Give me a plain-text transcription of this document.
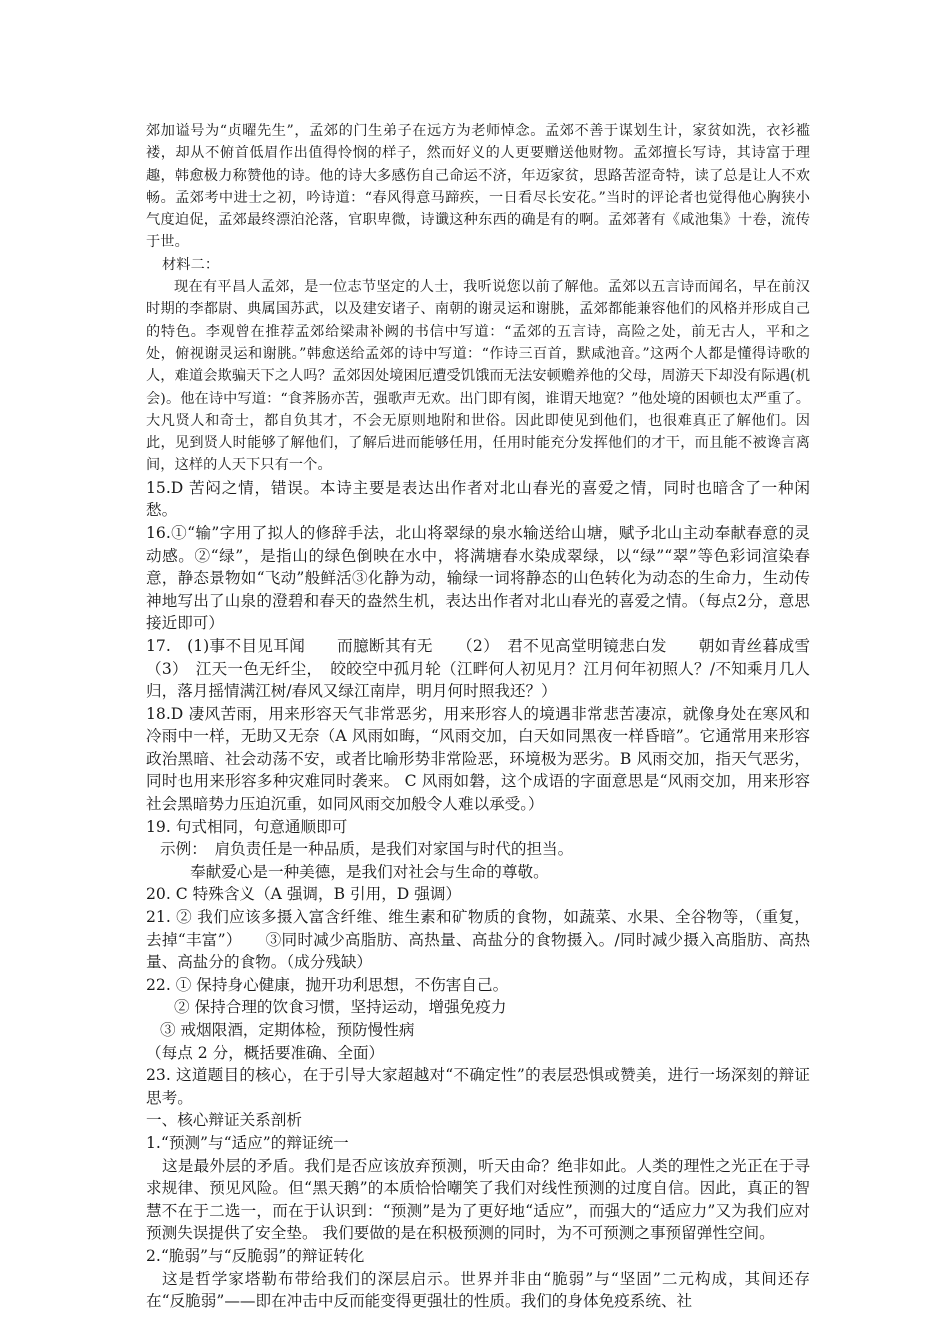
郊加谥号为“贞曜先生”，孟郊的门生弟子在远方为老师悼念。孟郊不善于谋划生计，家贫如洗，衣衫褴褛，却从不俯首低眉作出值得怜悯的样子，然而好义的人更要赠送他财物。孟郊擅长写诗，其诗富于理趣，韩愈极力称赞他的诗。他的诗大多感伤自己命运不济，年迈家贫，思路苦涩奇特，读了总是让人不欢畅。孟郊考中进士之初，吟诗道：“春风得意马蹄疾，一日看尽长安花。”当时的评论者也觉得他心胸狭小气度迫促，孟郊最终漂泊沦落，官职卑微，诗谶这种东西的确是有的啊。孟郊著有《咸池集》十卷，流传于世。

材料二：

现在有平昌人孟郊，是一位志节坚定的人士，我听说您以前了解他。孟郊以五言诗而闻名，早在前汉时期的李都尉、典属国苏武，以及建安诸子、南朝的谢灵运和谢朓，孟郊都能兼容他们的风格并形成自己的特色。李观曾在推荐孟郊给梁肃补阙的书信中写道：“孟郊的五言诗，高险之处，前无古人，平和之处，俯视谢灵运和谢朓。”韩愈送给孟郊的诗中写道：“作诗三百首，默咸池音。”这两个人都是懂得诗歌的人，难道会欺骗天下之人吗？孟郊因处境困厄遭受饥饿而无法安顿赡养他的父母，周游天下却没有际遇(机会)。他在诗中写道：“食荠肠亦苦，强歌声无欢。出门即有阂，谁谓天地宽？”他处境的困顿也太严重了。大凡贤人和奇士，都自负其才，不会无原则地附和世俗。因此即使见到他们，也很难真正了解他们。因此，见到贤人时能够了解他们，了解后进而能够任用，任用时能充分发挥他们的才干，而且能不被谗言离间，这样的人天下只有一个。

15.D 苦闷之情，错误。本诗主要是表达出作者对北山春光的喜爱之情，同时也暗含了一种闲愁。

16.①“输”字用了拟人的修辞手法，北山将翠绿的泉水输送给山塘，赋予北山主动奉献春意的灵动感。②“绿”，是指山的绿色倒映在水中，将满塘春水染成翠绿，以“绿”“翠”等色彩词渲染春意，静态景物如“飞动”般鲜活③化静为动，输绿一词将静态的山色转化为动态的生命力，生动传神地写出了山泉的澄碧和春天的盎然生机，表达出作者对北山春光的喜爱之情。（每点2分，意思接近即可）

17.　(1)事不目见耳闻　　而臆断其有无　　（2）　君不见高堂明镜悲白发　　朝如青丝暮成雪　　　（3）　江天一色无纤尘，　皎皎空中孤月轮（江畔何人初见月？江月何年初照人？/不知乘月几人归，落月摇情满江树/春风又绿江南岸，明月何时照我还？）

18.D 凄风苦雨，用来形容天气非常恶劣，用来形容人的境遇非常悲苦凄凉，就像身处在寒风和冷雨中一样，无助又无奈（A 风雨如晦，“风雨交加，白天如同黑夜一样昏暗”。它通常用来形容政治黑暗、社会动荡不安，或者比喻形势非常险恶，环境极为恶劣。B 风雨交加，指天气恶劣，同时也用来形容多种灾难同时袭来。 C 风雨如磐，这个成语的字面意思是“风雨交加，用来形容社会黑暗势力压迫沉重，如同风雨交加般令人难以承受。）

19. 句式相同，句意通顺即可

示例：　肩负责任是一种品质，是我们对家国与时代的担当。

奉献爱心是一种美德，是我们对社会与生命的尊敬。

20. C 特殊含义（A 强调，B 引用，D 强调）

21. ② 我们应该多摄入富含纤维、维生素和矿物质的食物，如蔬菜、水果、全谷物等，（重复，去掉“丰富”）　　③同时减少高脂肪、高热量、高盐分的食物摄入。/同时减少摄入高脂肪、高热量、高盐分的食物。（成分残缺）

22. ① 保持身心健康，抛开功利思想，不伤害自己。

② 保持合理的饮食习惯，坚持运动，增强免疫力

③ 戒烟限酒，定期体检，预防慢性病

（每点 2 分，概括要准确、全面）

23. 这道题目的核心，在于引导大家超越对“不确定性”的表层恐惧或赞美，进行一场深刻的辩证思考。

一、核心辩证关系剖析

1.“预测”与“适应”的辩证统一

这是最外层的矛盾。我们是否应该放弃预测，听天由命？绝非如此。人类的理性之光正在于寻求规律、预见风险。但“黑天鹅”的本质恰恰嘲笑了我们对线性预测的过度自信。因此，真正的智慧不在于二选一，而在于认识到：“预测”是为了更好地“适应”，而强大的“适应力”又为我们应对预测失误提供了安全垫。 我们要做的是在积极预测的同时，为不可预测之事预留弹性空间。

2.“脆弱”与“反脆弱”的辩证转化

这是哲学家塔勒布带给我们的深层启示。世界并非由“脆弱”与“坚固”二元构成，其间还存在“反脆弱”——即在冲击中反而能变得更强壮的性质。我们的身体免疫系统、社
